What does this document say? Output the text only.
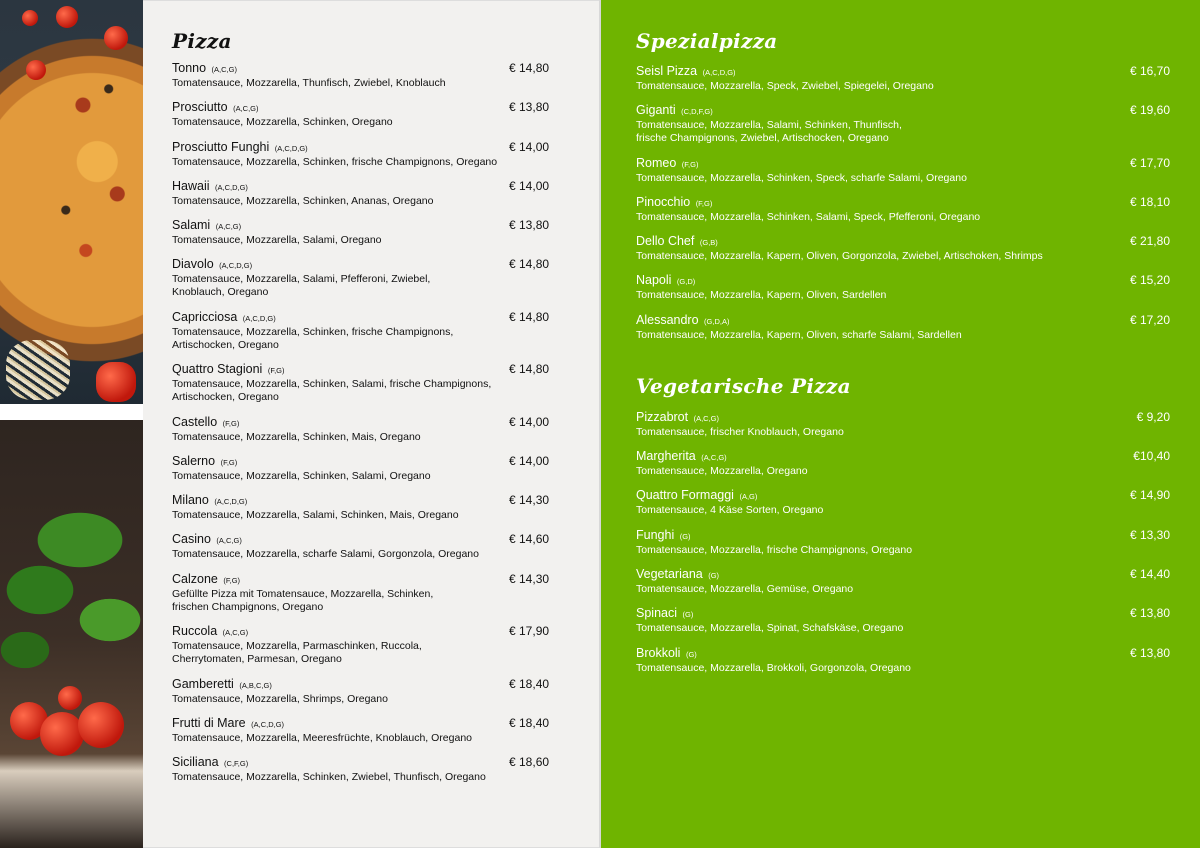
Pizza
Tonno (A,C,G)
Tomatensauce, Mozzarella, Thunfisch, Zwiebel, Knoblauch
€ 14,80
Prosciutto (A,C,G)
Tomatensauce, Mozzarella, Schinken, Oregano
€ 13,80
Prosciutto Funghi (A,C,D,G)
Tomatensauce, Mozzarella, Schinken, frische Champignons, Oregano
€ 14,00
Hawaii (A,C,D,G)
Tomatensauce, Mozzarella, Schinken, Ananas, Oregano
€ 14,00
Salami (A,C,G)
Tomatensauce, Mozzarella, Salami, Oregano
€ 13,80
Diavolo (A,C,D,G)
Tomatensauce, Mozzarella, Salami, Pfefferoni, Zwiebel,
Knoblauch, Oregano
€ 14,80
Capricciosa (A,C,D,G)
Tomatensauce, Mozzarella, Schinken, frische Champignons,
Artischocken, Oregano
€ 14,80
Quattro Stagioni (F,G)
Tomatensauce, Mozzarella, Schinken, Salami, frische Champignons,
Artischocken, Oregano
€ 14,80
Castello (F,G)
Tomatensauce, Mozzarella, Schinken, Mais, Oregano
€ 14,00
Salerno (F,G)
Tomatensauce, Mozzarella, Schinken, Salami, Oregano
€ 14,00
Milano (A,C,D,G)
Tomatensauce, Mozzarella, Salami, Schinken, Mais, Oregano
€ 14,30
Casino (A,C,G)
Tomatensauce, Mozzarella, scharfe Salami, Gorgonzola, Oregano
€ 14,60
Calzone (F,G)
Gefüllte Pizza mit Tomatensauce, Mozzarella, Schinken,
frischen Champignons, Oregano
€ 14,30
Ruccola (A,C,G)
Tomatensauce, Mozzarella, Parmaschinken, Ruccola,
Cherrytomaten, Parmesan, Oregano
€ 17,90
Gamberetti (A,B,C,G)
Tomatensauce, Mozzarella, Shrimps, Oregano
€ 18,40
Frutti di Mare (A,C,D,G)
Tomatensauce, Mozzarella, Meeresfrüchte, Knoblauch, Oregano
€ 18,40
Siciliana (C,F,G)
Tomatensauce, Mozzarella, Schinken, Zwiebel, Thunfisch, Oregano
€ 18,60
Spezialpizza
Seisl Pizza (A,C,D,G)
Tomatensauce, Mozzarella, Speck, Zwiebel, Spiegelei, Oregano
€ 16,70
Giganti (C,D,F,G)
Tomatensauce, Mozzarella, Salami, Schinken, Thunfisch,
frische Champignons, Zwiebel, Artischocken, Oregano
€ 19,60
Romeo (F,G)
Tomatensauce, Mozzarella, Schinken, Speck, scharfe Salami, Oregano
€ 17,70
Pinocchio (F,G)
Tomatensauce, Mozzarella, Schinken, Salami, Speck, Pfefferoni, Oregano
€ 18,10
Dello Chef (G,B)
Tomatensauce, Mozzarella, Kapern, Oliven, Gorgonzola, Zwiebel, Artischoken, Shrimps
€ 21,80
Napoli (G,D)
Tomatensauce, Mozzarella, Kapern, Oliven, Sardellen
€ 15,20
Alessandro (G,D,A)
Tomatensauce, Mozzarella, Kapern, Oliven, scharfe Salami, Sardellen
€ 17,20
Vegetarische Pizza
Pizzabrot (A,C,G)
Tomatensauce, frischer Knoblauch, Oregano
€ 9,20
Margherita (A,C,G)
Tomatensauce, Mozzarella, Oregano
€10,40
Quattro Formaggi (A,G)
Tomatensauce, 4 Käse Sorten, Oregano
€ 14,90
Funghi (G)
Tomatensauce, Mozzarella, frische Champignons, Oregano
€ 13,30
Vegetariana (G)
Tomatensauce, Mozzarella, Gemüse, Oregano
€ 14,40
Spinaci (G)
Tomatensauce, Mozzarella, Spinat, Schafskäse, Oregano
€ 13,80
Brokkoli (G)
Tomatensauce, Mozzarella, Brokkoli, Gorgonzola, Oregano
€ 13,80
